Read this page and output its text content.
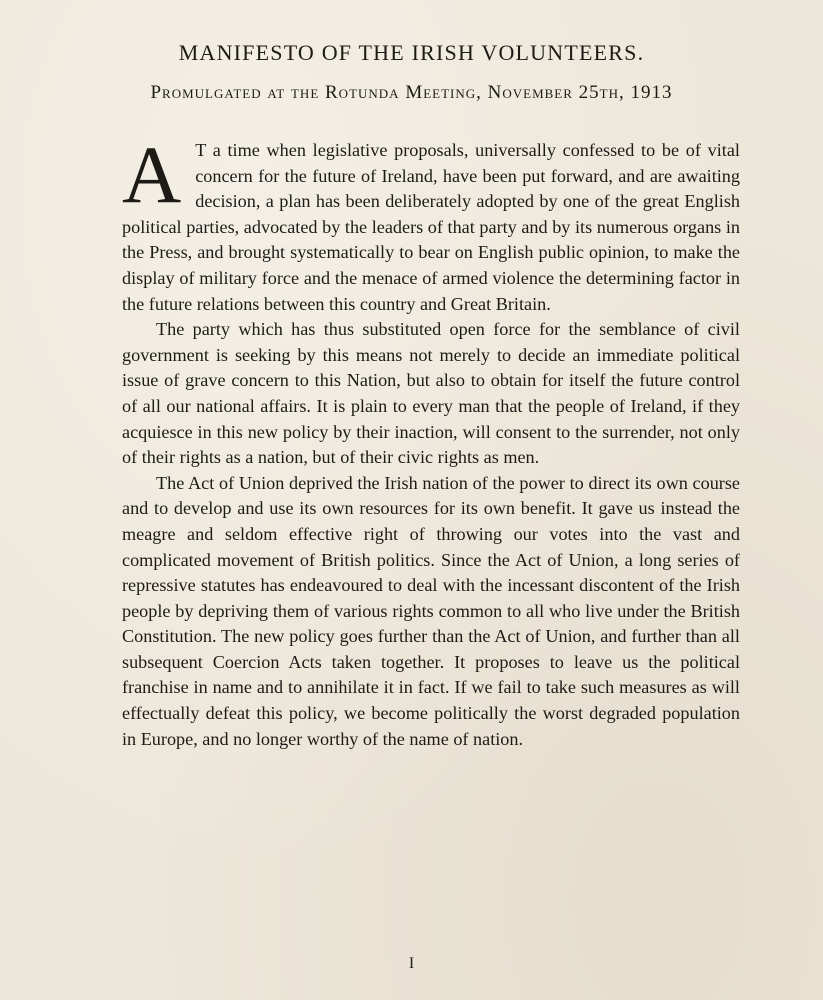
MANIFESTO OF THE IRISH VOLUNTEERS.
Promulgated at the Rotunda Meeting, November 25th, 1913

A T a time when legislative proposals, universally confessed to be of vital concern for the future of Ireland, have been put forward, and are awaiting decision, a plan has been deliberately adopted by one of the great English political parties, advocated by the leaders of that party and by its numerous organs in the Press, and brought systematically to bear on English public opinion, to make the display of military force and the menace of armed violence the determining factor in the future relations between this country and Great Britain.

The party which has thus substituted open force for the semblance of civil government is seeking by this means not merely to decide an immediate political issue of grave concern to this Nation, but also to obtain for itself the future control of all our national affairs. It is plain to every man that the people of Ireland, if they acquiesce in this new policy by their inaction, will consent to the surrender, not only of their rights as a nation, but of their civic rights as men.

The Act of Union deprived the Irish nation of the power to direct its own course and to develop and use its own resources for its own benefit. It gave us instead the meagre and seldom effective right of throwing our votes into the vast and complicated movement of British politics. Since the Act of Union, a long series of repressive statutes has endeavoured to deal with the incessant discontent of the Irish people by depriving them of various rights common to all who live under the British Constitution. The new policy goes further than the Act of Union, and further than all subsequent Coercion Acts taken together. It proposes to leave us the political franchise in name and to annihilate it in fact. If we fail to take such measures as will effectually defeat this policy, we become politically the worst degraded population in Europe, and no longer worthy of the name of nation.

I
